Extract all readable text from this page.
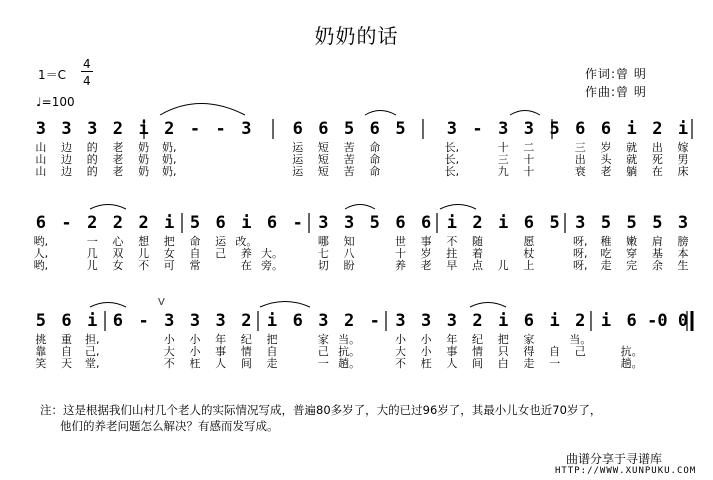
奶奶的话
1＝C
4
4
♩=100
作词:曾 明
作曲:曾 明
3 3 3 2 i 2 - - 3	6 6 5 6 5	3 - 3 3 5 6 6 i 2 i
山	边	的	老	奶	奶,	运	短	苦	命	长,	十	二	三	岁	就	出	嫁
山	边	的	老	奶	奶,	运	短	苦	命	长,	三	十	出	头	就	死	男
山	边	的	老	奶	奶,	运	短	苦	命	长,	九	十	衰	老	躺	在	床
6 - 2 2 2 i 5 6 i 6 - 3 3 5 6 6 i 2 i 6 5 3 5 5 5 3
哟,	一	心	想	把	命	运 改。	哪	知	世	事	不	随	愿	呀,	稚	嫩	肩	膀
人,	几	双	儿	女	自	己	养 大。	七	八	十	岁	拄	着	杖	呀,	吃	穿	基	本
哟,	儿	女	不	可	常	在 旁。	切	盼	养	老	早	点	儿	上	呀,	走	完	余	生
V
5 6 i 6 - 3 3 3 2 i 6 3 2 - 3 3 3 2 i 6 i 2 i 6 -0 0
挑	重	担,	小	小	年	纪	把	家 当。	小	小	年	纪	把	家	当。
靠	自	己,	大	小	事	情	自	己 抗。	大	小	事	情	只	得	自	己	抗。
笑	天	堂,	不	枉	人	间	走	一 趟。	不	枉	人	间	白	走	一	趟。
注：这是根据我们山村几个老人的实际情况写成，普遍80多岁了，大的已过96岁了，其最小儿女也近70岁了，
他们的养老问题怎么解决？有感而发写成。
曲谱分享于寻谱库
HTTP://WWW.XUNPUKU.COM
